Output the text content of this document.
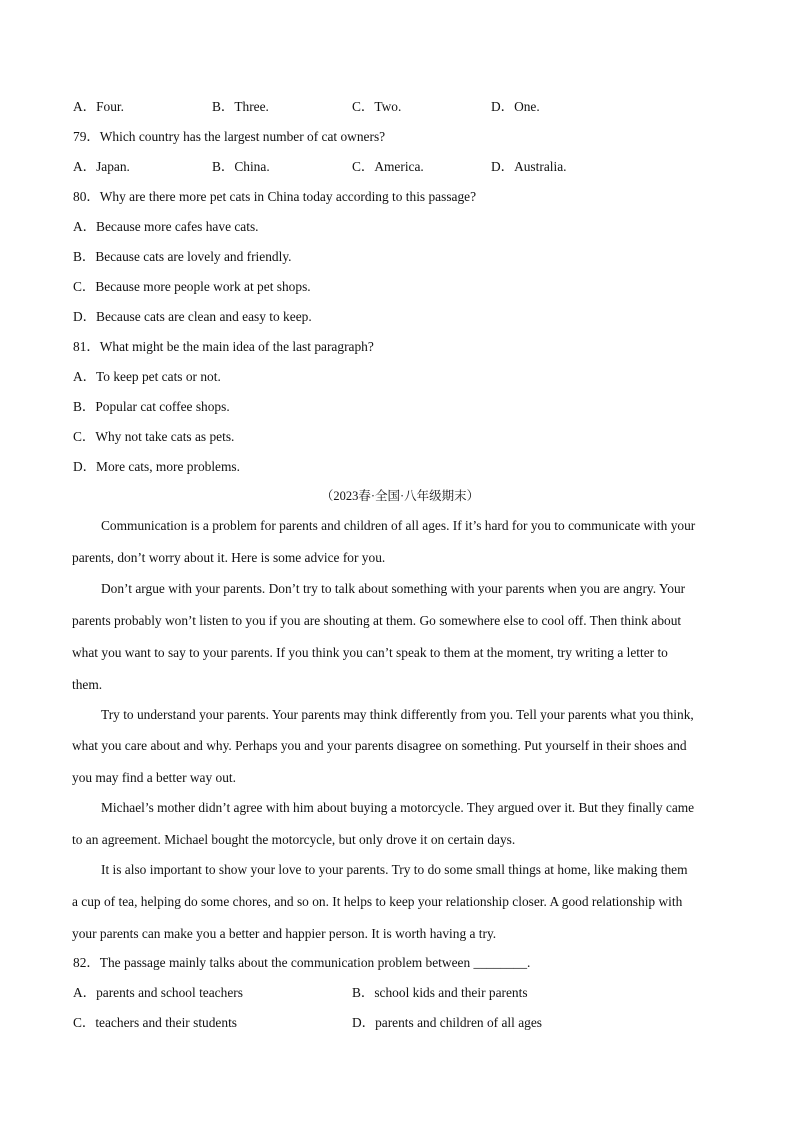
A．Four.	B．Three.	C．Two.	D．One.
79．Which country has the largest number of cat owners?
A．Japan.	B．China.	C．America.	D．Australia.
80．Why are there more pet cats in China today according to this passage?
A．Because more cafes have cats.
B．Because cats are lovely and friendly.
C．Because more people work at pet shops.
D．Because cats are clean and easy to keep.
81．What might be the main idea of the last paragraph?
A．To keep pet cats or not.
B．Popular cat coffee shops.
C．Why not take cats as pets.
D．More cats, more problems.
（2023春·全国·八年级期末）
Communication is a problem for parents and children of all ages. If it’s hard for you to communicate with your
parents, don’t worry about it. Here is some advice for you.
Don’t argue with your parents. Don’t try to talk about something with your parents when you are angry. Your
parents probably won’t listen to you if you are shouting at them. Go somewhere else to cool off. Then think about
what you want to say to your parents. If you think you can’t speak to them at the moment, try writing a letter to
them.
Try to understand your parents. Your parents may think differently from you. Tell your parents what you think,
what you care about and why. Perhaps you and your parents disagree on something. Put yourself in their shoes and
you may find a better way out.
Michael’s mother didn’t agree with him about buying a motorcycle. They argued over it. But they finally came
to an agreement. Michael bought the motorcycle, but only drove it on certain days.
It is also important to show your love to your parents. Try to do some small things at home, like making them
a cup of tea, helping do some chores, and so on. It helps to keep your relationship closer. A good relationship with
your parents can make you a better and happier person. It is worth having a try.
82．The passage mainly talks about the communication problem between ________.
A．parents and school teachers	B．school kids and their parents
C．teachers and their students	D．parents and children of all ages
